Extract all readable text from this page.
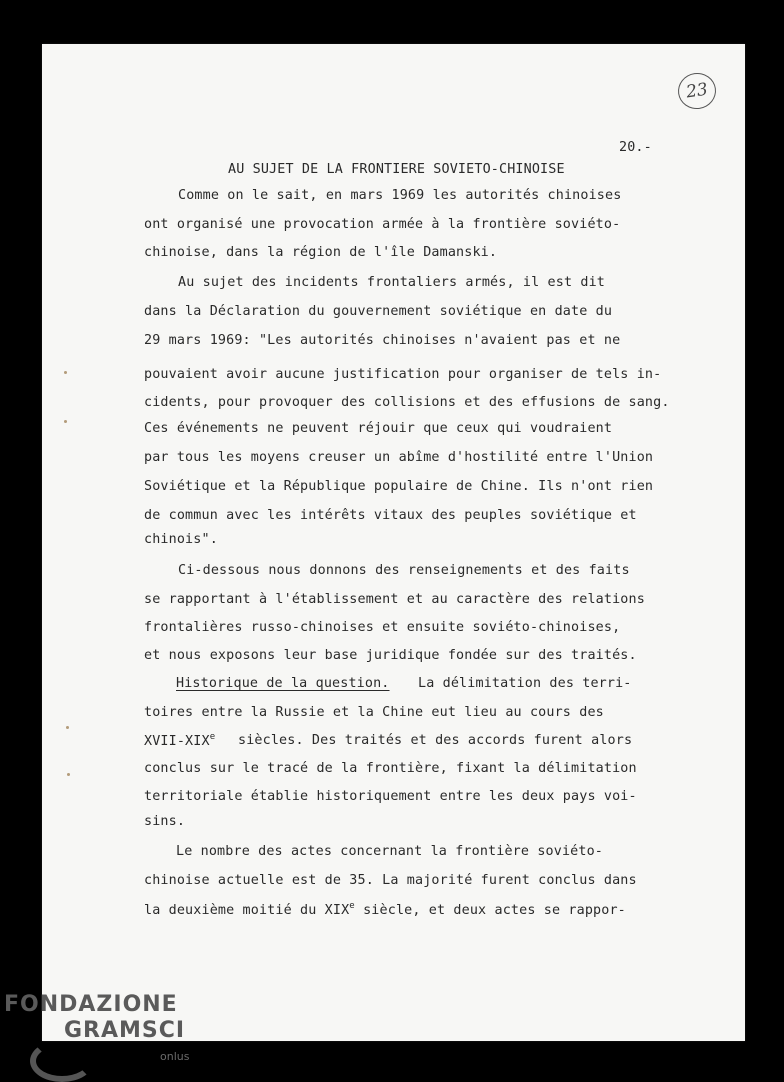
23
20.-
AU SUJET DE LA FRONTIERE SOVIETO-CHINOISE
Comme on le sait, en mars 1969 les autorités chinoises
ont organisé une provocation armée à la frontière soviéto-
chinoise, dans la région de l'île Damanski.
Au sujet des incidents frontaliers armés, il est dit
dans la Déclaration du gouvernement soviétique en date du
29 mars 1969: "Les autorités chinoises n'avaient pas et ne
pouvaient avoir aucune justification pour organiser de tels in-
cidents, pour provoquer des collisions et des effusions de sang.
Ces événements ne peuvent réjouir que ceux qui voudraient
par tous les moyens creuser un abîme d'hostilité entre l'Union
Soviétique et la République populaire de Chine. Ils n'ont rien
de commun avec les intérêts vitaux des peuples soviétique et
chinois".
Ci-dessous nous donnons des renseignements et des faits
se rapportant à l'établissement et au caractère des relations
frontalières russo-chinoises et ensuite soviéto-chinoises,
et nous exposons leur base juridique fondée sur des traités.
Historique de la question. La délimitation des terri-
toires entre la Russie et la Chine eut lieu au cours des
XVII-XIXe siècles. Des traités et des accords furent alors
conclus sur le tracé de la frontière, fixant la délimitation
territoriale établie historiquement entre les deux pays voi-
sins.
Le nombre des actes concernant la frontière soviéto-
chinoise actuelle est de 35. La majorité furent conclus dans
la deuxième moitié du XIXe siècle, et deux actes se rappor-
FONDAZIONE
GRAMSCI
onlus
